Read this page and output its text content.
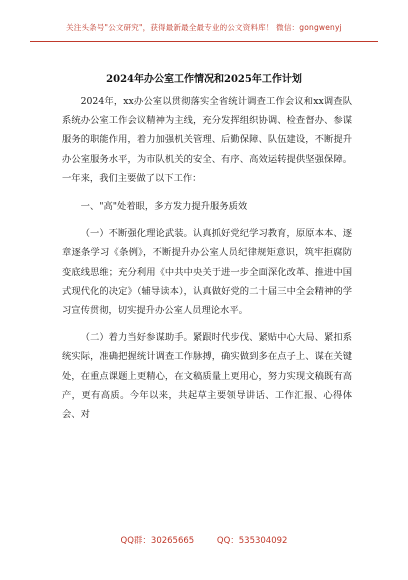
关注头条号"公文研究"，获得最新最全最专业的公文资料库！ 微信：gongwenyj
2024年办公室工作情况和2025年工作计划

2024年，xx办公室以贯彻落实全省统计调查工作会议和xx调查队系统办公室工作会议精神为主线，充分发挥组织协调、检查督办、参谋服务的职能作用，着力加强机关管理、后勤保障、队伍建设，不断提升办公室服务水平，为市队机关的安全、有序、高效运转提供坚强保障。一年来，我们主要做了以下工作：

一、"高"处着眼，多方发力提升服务质效

（一）不断强化理论武装。认真抓好党纪学习教育，原原本本、逐章逐条学习《条例》，不断提升办公室人员纪律规矩意识，筑牢拒腐防变底线思维；充分利用《中共中央关于进一步全面深化改革、推进中国式现代化的决定》（辅导读本），认真做好党的二十届三中全会精神的学习宣传贯彻，切实提升办公室人员理论水平。

（二）着力当好参谋助手。紧跟时代步伐、紧贴中心大局、紧扣系统实际，准确把握统计调查工作脉搏，确实做到多在点子上、谋在关键处，在重点课题上更精心，在文稿质量上更用心，努力实现文稿既有高产，更有高质。今年以来，共起草主要领导讲话、工作汇报、心得体会、对

QQ群：30265665	QQ：535304092
